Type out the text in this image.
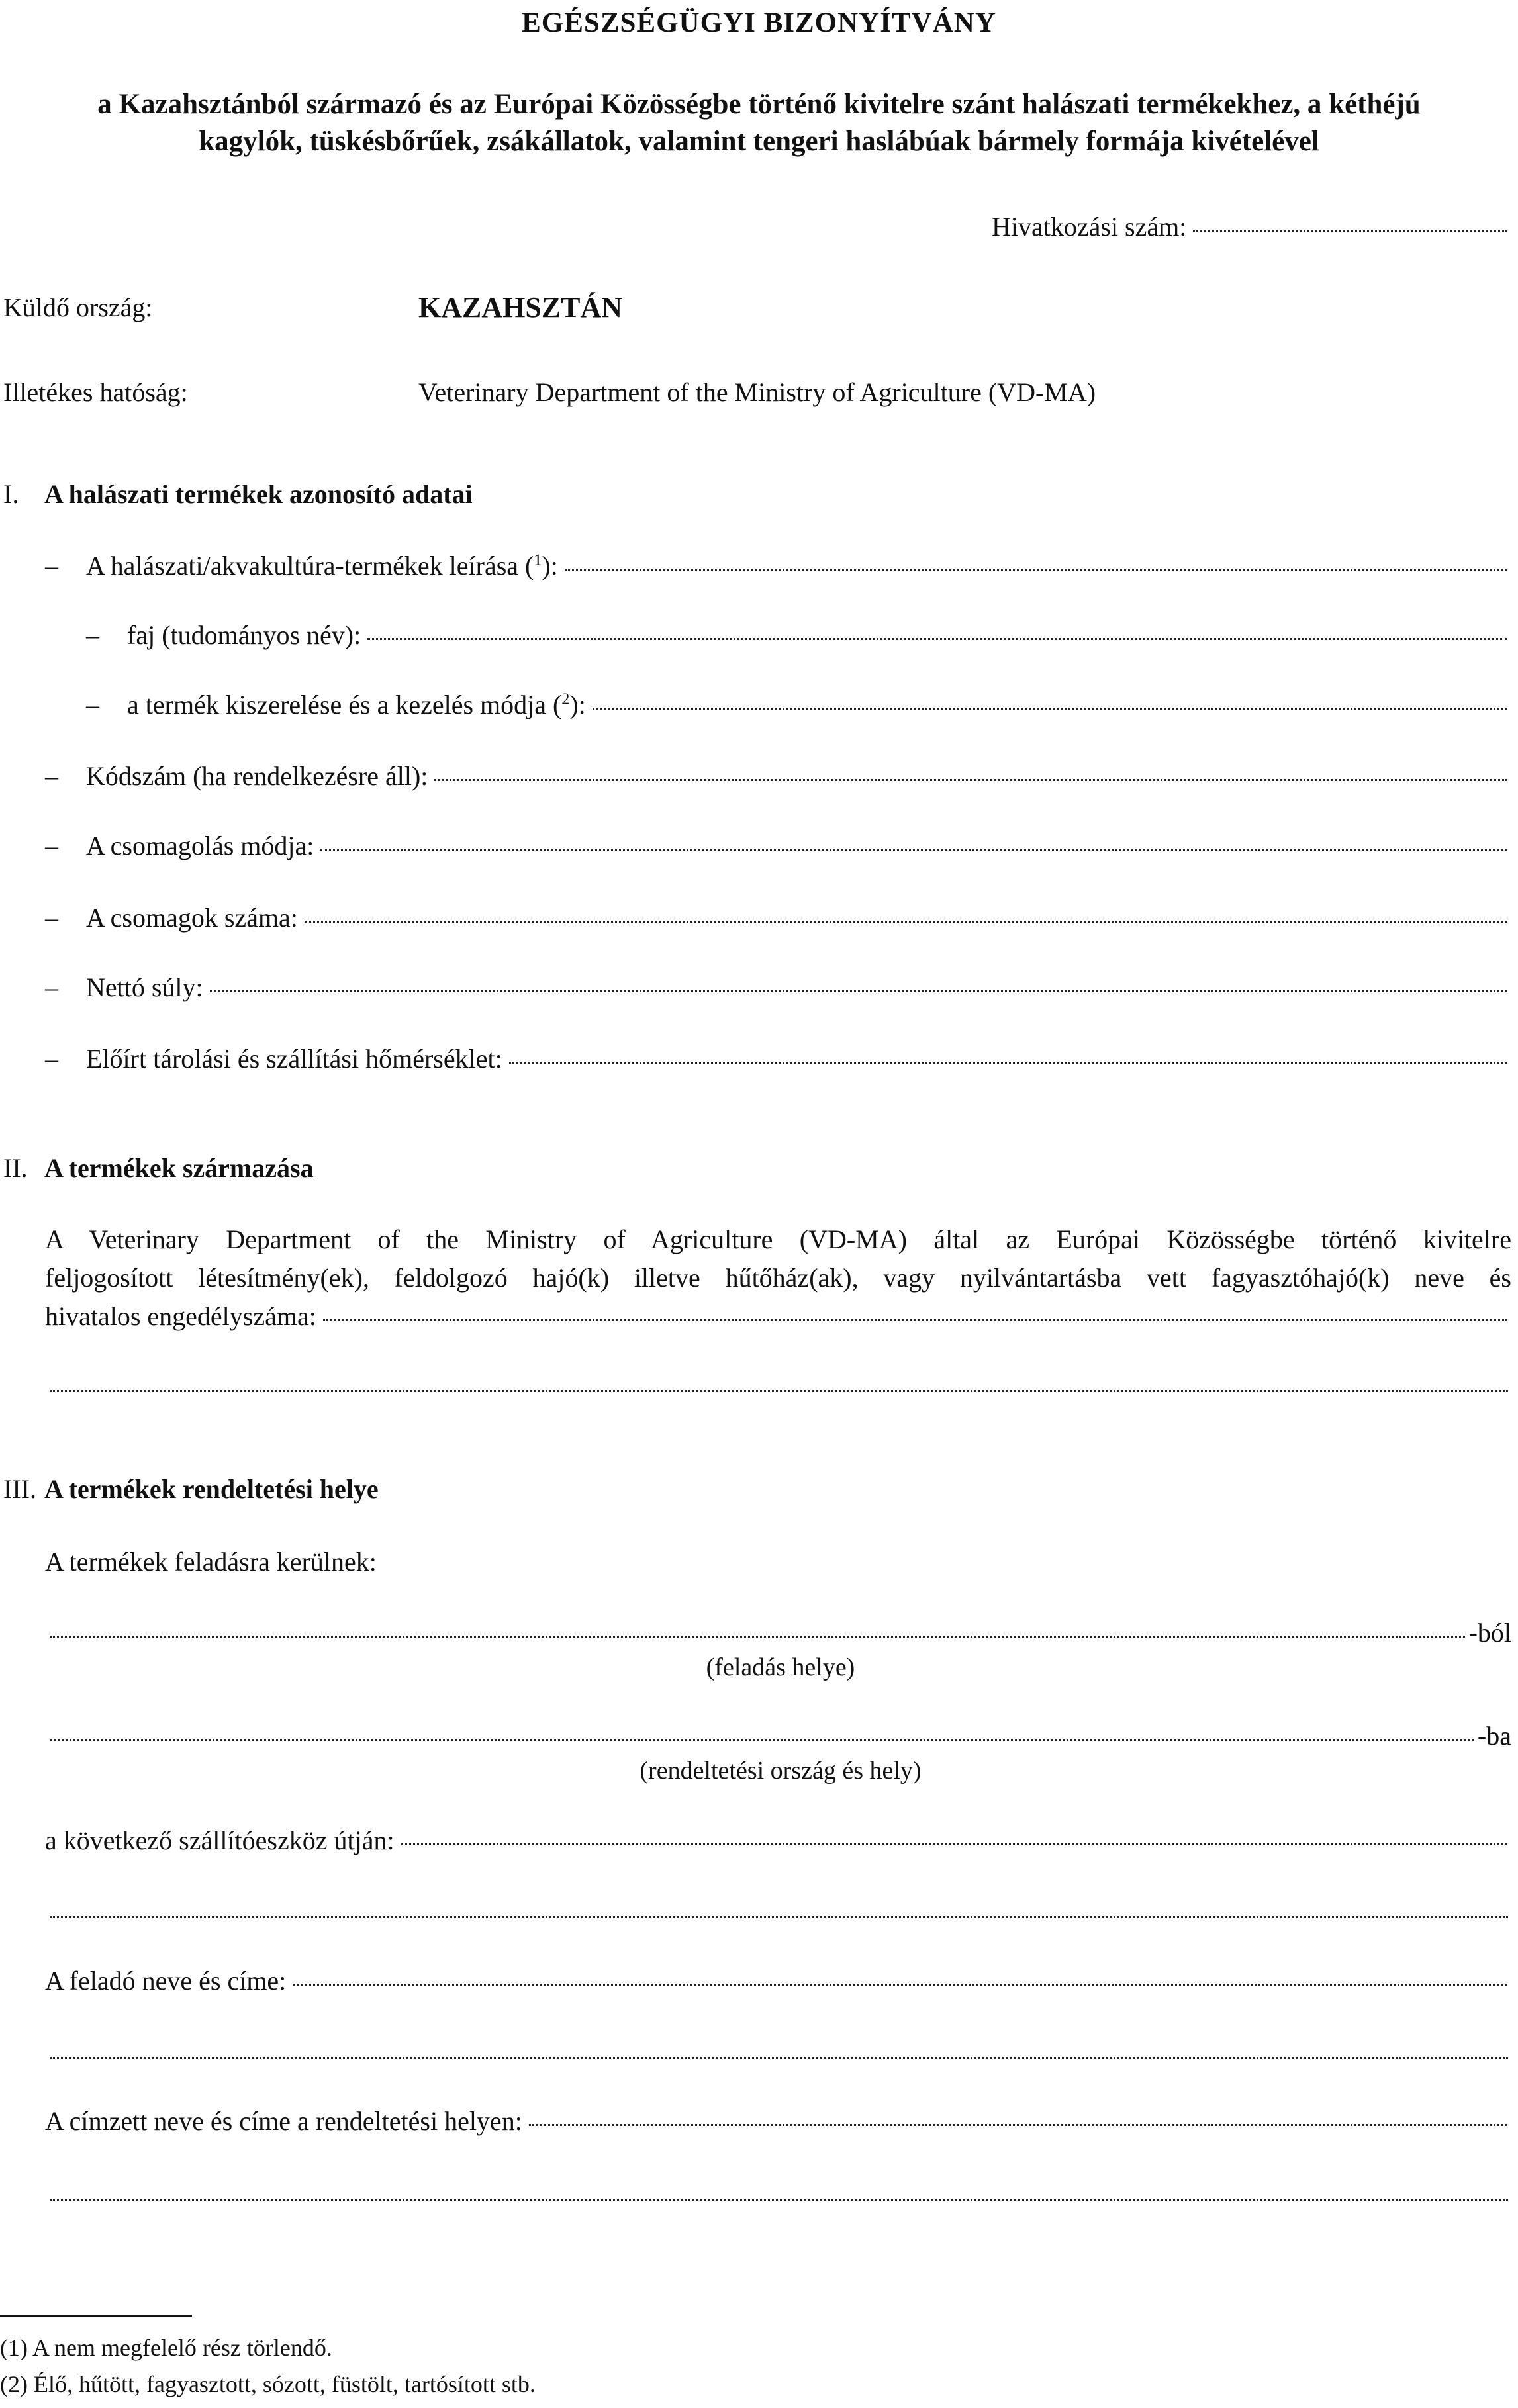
EGÉSZSÉGÜGYI BIZONYÍTVÁNY
a Kazahsztánból származó és az Európai Közösségbe történő kivitelre szánt halászati termékekhez, a kéthéjú
kagylók, tüskésbőrűek, zsákállatok, valamint tengeri haslábúak bármely formája kivételével
Hivatkozási szám:
Küldő ország:	KAZAHSZTÁN
Illetékes hatóság:	Veterinary Department of the Ministry of Agriculture (VD-MA)
I. A halászati termékek azonosító adatai
–	A halászati/akvakultúra-termékek leírása ($^1$):
–	faj (tudományos név):
–	a termék kiszerelése és a kezelés módja ($^2$):
–	Kódszám (ha rendelkezésre áll):
–	A csomagolás módja:
–	A csomagok száma:
–	Nettó súly:
–	Előírt tárolási és szállítási hőmérséklet:
II. A termékek származása
A Veterinary Department of the Ministry of Agriculture (VD-MA) által az Európai Közösségbe történő kivitelre
feljogosított létesítmény(ek), feldolgozó hajó(k) illetve hűtőház(ak), vagy nyilvántartásba vett fagyasztóhajó(k) neve és
hivatalos engedélyszáma:
III. A termékek rendeltetési helye
A termékek feladásra kerülnek:
-ból
(feladás helye)
-ba
(rendeltetési ország és hely)
a következő szállítóeszköz útján:
A feladó neve és címe:
A címzett neve és címe a rendeltetési helyen:
(1) A nem megfelelő rész törlendő.
(2) Élő, hűtött, fagyasztott, sózott, füstölt, tartósított stb.
